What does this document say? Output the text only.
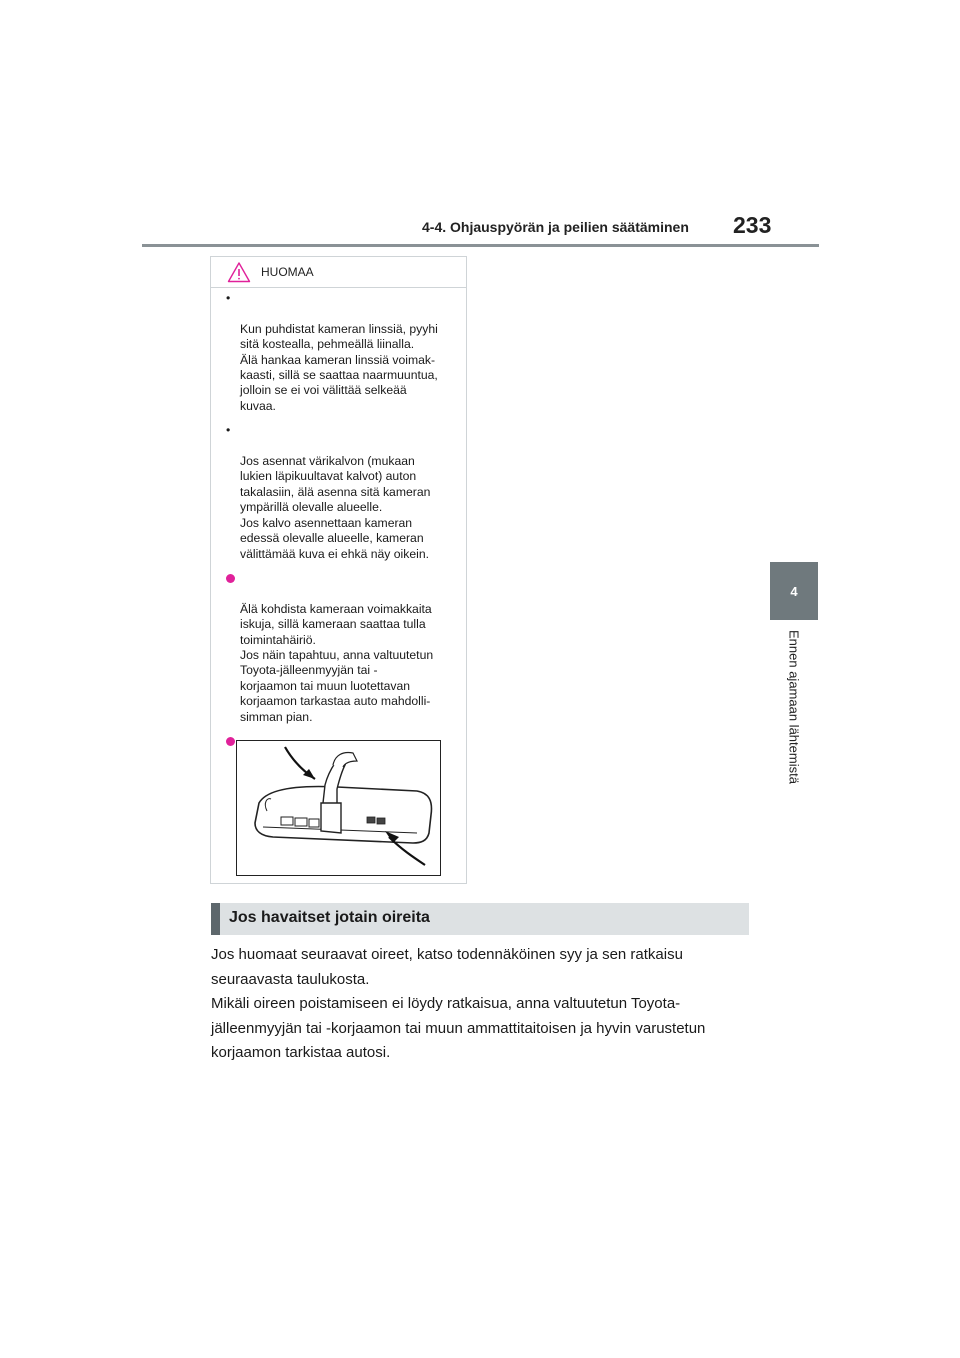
4-4. Ohjauspyörän ja peilien säätäminen 233
4
Ennen ajamaan lähtemistä
HUOMAA

•

Kun puhdistat kameran linssiä, pyyhi
sitä kostealla, pehmeällä liinalla.
Älä hankaa kameran linssiä voimak-
kaasti, sillä se saattaa naarmuuntua,
jolloin se ei voi välittää selkeää
kuvaa.

•

Jos asennat värikalvon (mukaan
lukien läpikuultavat kalvot) auton
takalasiin, älä asenna sitä kameran
ympärillä olevalle alueelle.
Jos kalvo asennettaan kameran
edessä olevalle alueelle, kameran
välittämää kuva ei ehkä näy oikein.

Älä kohdista kameraan voimakkaita
iskuja, sillä kameraan saattaa tulla
toimintahäiriö.
Jos näin tapahtuu, anna valtuutetun
Toyota-jälleenmyyjän tai -
korjaamon tai muun luotettavan
korjaamon tarkastaa auto mahdolli-
simman pian.

Jos havaitset jotain oireita

Jos huomaat seuraavat oireet, katso todennäköinen syy ja sen ratkaisu
seuraavasta taulukosta.

Mikäli oireen poistamiseen ei löydy ratkaisua, anna valtuutetun Toyota-
jälleenmyyjän tai -korjaamon tai muun ammattitaitoisen ja hyvin varustetun
korjaamon tarkistaa autosi.
